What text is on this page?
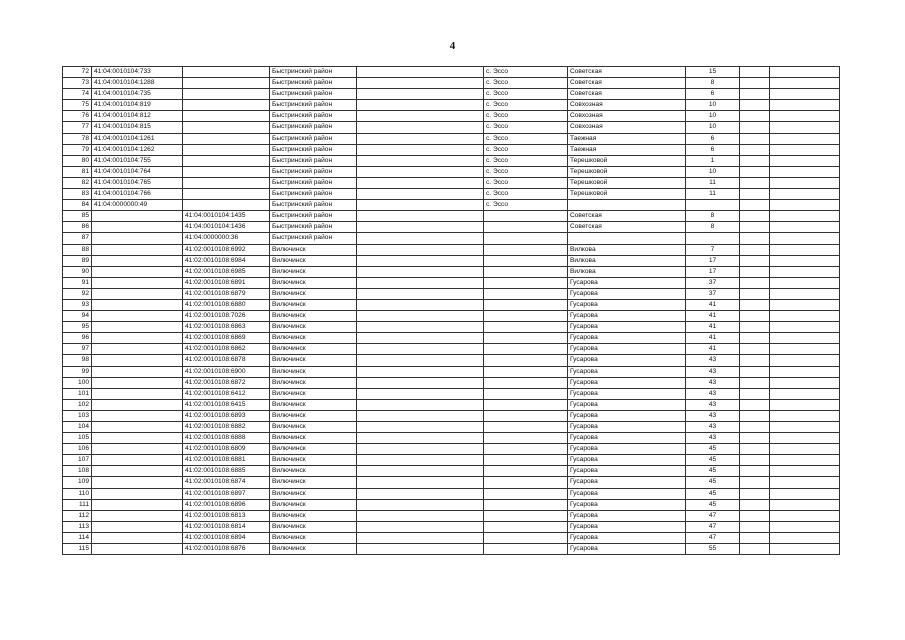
4
72	41:04:0010104:733		Быстринский район		с. Эссо	Советская	15		
73	41:04:0010104:1288		Быстринский район		с. Эссо	Советская	8		
74	41:04:0010104:735		Быстринский район		с. Эссо	Советская	6		
75	41:04:0010104:819		Быстринский район		с. Эссо	Совхозная	10		
76	41:04:0010104:812		Быстринский район		с. Эссо	Совхозная	10		
77	41:04:0010104:815		Быстринский район		с. Эссо	Совхозная	10		
78	41:04:0010104:1261		Быстринский район		с. Эссо	Таежная	6		
79	41:04:0010104:1262		Быстринский район		с. Эссо	Таежная	6		
80	41:04:0010104:755		Быстринский район		с. Эссо	Терешковой	1		
81	41:04:0010104:764		Быстринский район		с. Эссо	Терешковой	10		
82	41:04:0010104:765		Быстринский район		с. Эссо	Терешковой	11		
83	41:04:0010104:766		Быстринский район		с. Эссо	Терешковой	11		
84	41:04:0000000:49		Быстринский район		с. Эссо				
85		41:04:0010104:1435	Быстринский район			Советская	8		
86		41:04:0010104:1436	Быстринский район			Советская	8		
87		41:04:0000000:36	Быстринский район						
88		41:02:0010108:6992	Вилючинск			Вилкова	7		
89		41:02:0010108:6984	Вилючинск			Вилкова	17		
90		41:02:0010108:6985	Вилючинск			Вилкова	17		
91		41:02:0010108:6891	Вилючинск			Гусарова	37		
92		41:02:0010108:6879	Вилючинск			Гусарова	37		
93		41:02:0010108:6880	Вилючинск			Гусарова	41		
94		41:02:0010108:7026	Вилючинск			Гусарова	41		
95		41:02:0010108:6863	Вилючинск			Гусарова	41		
96		41:02:0010108:6869	Вилючинск			Гусарова	41		
97		41:02:0010108:6862	Вилючинск			Гусарова	41		
98		41:02:0010108:6878	Вилючинск			Гусарова	43		
99		41:02:0010108:6900	Вилючинск			Гусарова	43		
100		41:02:0010108:6872	Вилючинск			Гусарова	43		
101		41:02:0010108:6412	Вилючинск			Гусарова	43		
102		41:02:0010108:6415	Вилючинск			Гусарова	43		
103		41:02:0010108:6893	Вилючинск			Гусарова	43		
104		41:02:0010108:6882	Вилючинск			Гусарова	43		
105		41:02:0010108:6888	Вилючинск			Гусарова	43		
106		41:02:0010108:6809	Вилючинск			Гусарова	45		
107		41:02:0010108:6881	Вилючинск			Гусарова	45		
108		41:02:0010108:6885	Вилючинск			Гусарова	45		
109		41:02:0010108:6874	Вилючинск			Гусарова	45		
110		41:02:0010108:6897	Вилючинск			Гусарова	45		
111		41:02:0010108:6896	Вилючинск			Гусарова	45		
112		41:02:0010108:6813	Вилючинск			Гусарова	47		
113		41:02:0010108:6814	Вилючинск			Гусарова	47		
114		41:02:0010108:6894	Вилючинск			Гусарова	47		
115		41:02:0010108:6876	Вилючинск			Гусарова	55		
